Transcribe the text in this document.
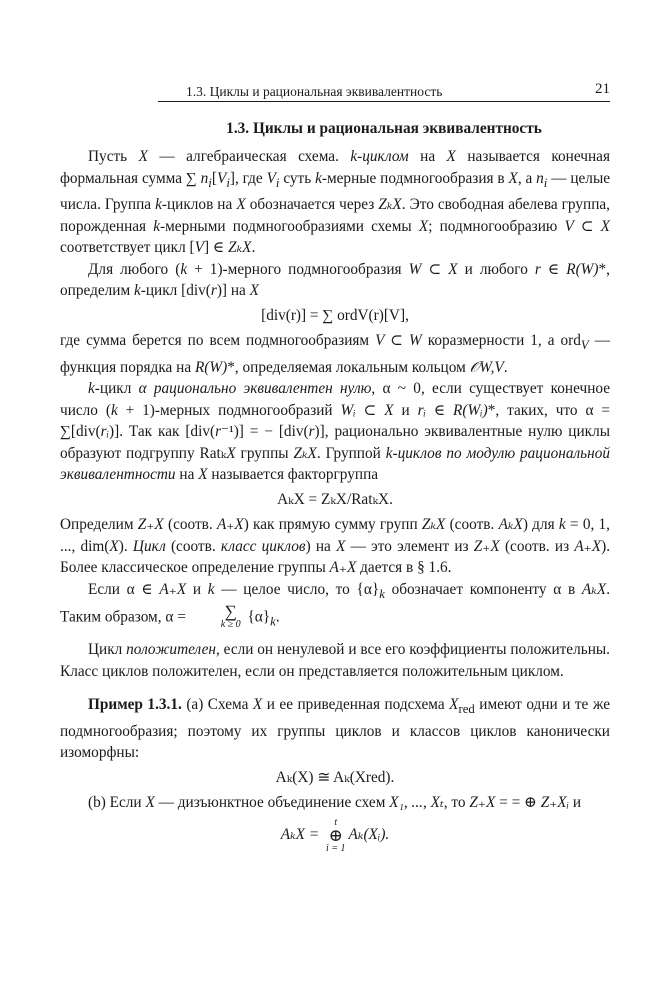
1.3. Циклы и рациональная эквивалентность	21
1.3. Циклы и рациональная эквивалентность

Пусть X — алгебраическая схема. k-циклом на X называется конечная формальная сумма ∑ $n_i[V_i]$, где $V_i$ суть k-мерные подмногообразия в X, а $n_i$ — целые числа. Группа k-циклов на X обозначается через ZₖX. Это свободная абелева группа, порожденная k-мерными подмногообразиями схемы X; подмногообразию V ⊂ X соответствует цикл [V] ∈ ZₖX.

Для любого (k + 1)-мерного подмногообразия W ⊂ X и любого r ∈ R(W)*, определим k-цикл [div(r)] на X

[div(r)] = ∑ ordV(r)[V],

где сумма берется по всем подмногообразиям V ⊂ W коразмерности 1, а ord$_V$ — функция порядка на R(W)*, определяемая локальным кольцом 𝒪W,V.

k-цикл α рационально эквивалентен нулю, α ~ 0, если существует конечное число (k + 1)-мерных подмногообразий Wᵢ ⊂ X и rᵢ ∈ R(Wᵢ)*, таких, что α = ∑[div(rᵢ)]. Так как [div(r⁻¹)] = − [div(r)], рационально эквивалентные нулю циклы образуют подгруппу RatₖX группы ZₖX. Группой k-циклов по модулю рациональной эквивалентности на X называется факторгруппа

AₖX = ZₖX/RatₖX.

Определим Z₊X (соотв. A₊X) как прямую сумму групп ZₖX (соотв. AₖX) для k = 0, 1, ..., dim(X). Цикл (соотв. класс циклов) на X — это элемент из Z₊X (соотв. из A₊X). Более классическое определение группы A₊X дается в § 1.6.

Если α ∈ A₊X и k — целое число, то $\{\alpha\}_k$ обозначает компоненту α в AₖX. Таким образом, α =	∑
k ≥ 0 $\{\alpha\}_k$.

Цикл положителен, если он ненулевой и все его коэффициенты положительны. Класс циклов положителен, если он представляется положительным циклом.

Пример 1.3.1. (a) Схема X и ее приведенная подсхема $X_{red}$ имеют одни и те же подмногообразия; поэтому их группы циклов и классов циклов канонически изоморфны:

Aₖ(X) ≅ Aₖ(Xred).

(b) Если X — дизъюнктное объединение схем X₁, ..., Xₜ, то Z₊X = = ⊕ Z₊Xᵢ и

AₖX =
t
⊕
i = 1
Aₖ(Xᵢ).
